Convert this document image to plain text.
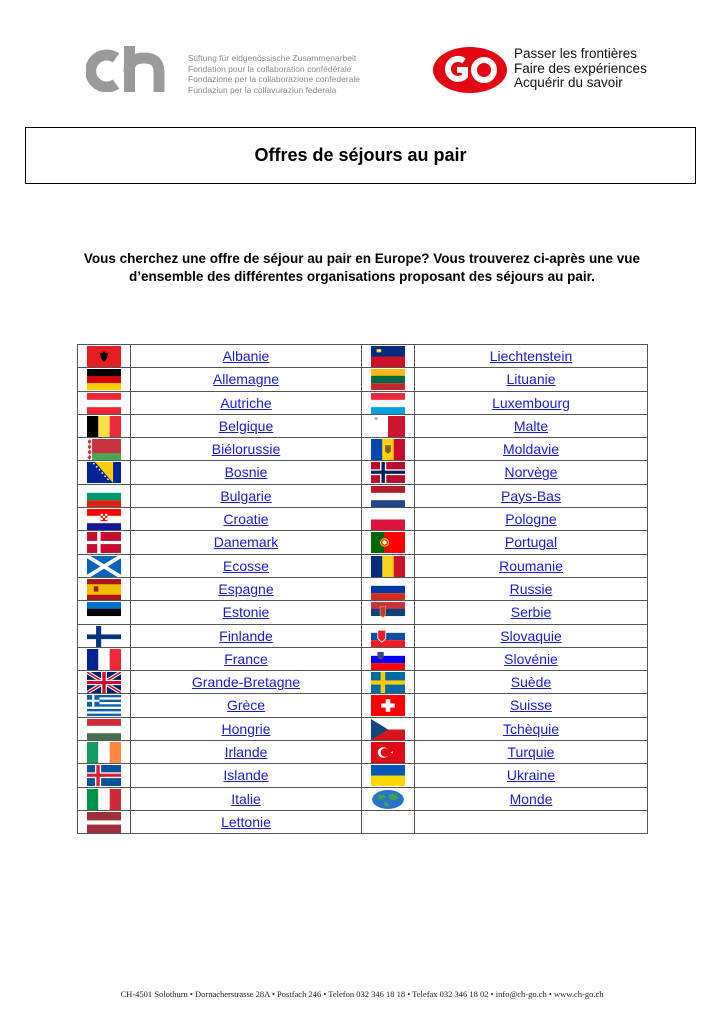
Stiftung für eidgenössische Zusammenarbeit
Fondation pour la collaboration confédérale
Fondazione per la collaborazione confederale
Fundaziun per la collavuraziun federala
Passer les frontières
Faire des expériences
Acquérir du savoir
Offres de séjours au pair

Vous cherchez une offre de séjour au pair en Europe? Vous trouverez ci-après une vue

d’ensemble des différentes organisations proposant des séjours au pair.

	Albanie		Liechtenstein

	Allemagne		Lituanie

	Autriche		Luxembourg

	Belgique		Malte

	Biélorussie		Moldavie

	Bosnie		Norvège

	Bulgarie		Pays-Bas

	Croatie		Pologne

	Danemark		Portugal

	Ecosse		Roumanie

	Espagne		Russie

	Estonie		Serbie

	Finlande		Slovaquie

	France		Slovénie

	Grande-Bretagne		Suède

	Grèce		Suisse

	Hongrie		Tchèquie

	Irlande		Turquie

	Islande		Ukraine

	Italie		Monde

	Lettonie		
CH-4501 Solothurn • Dornacherstrasse 28A • Postfach 246 • Telefon 032 346 18 18 • Telefax 032 346 18 02 • info@ch-go.ch • www.ch-go.ch
